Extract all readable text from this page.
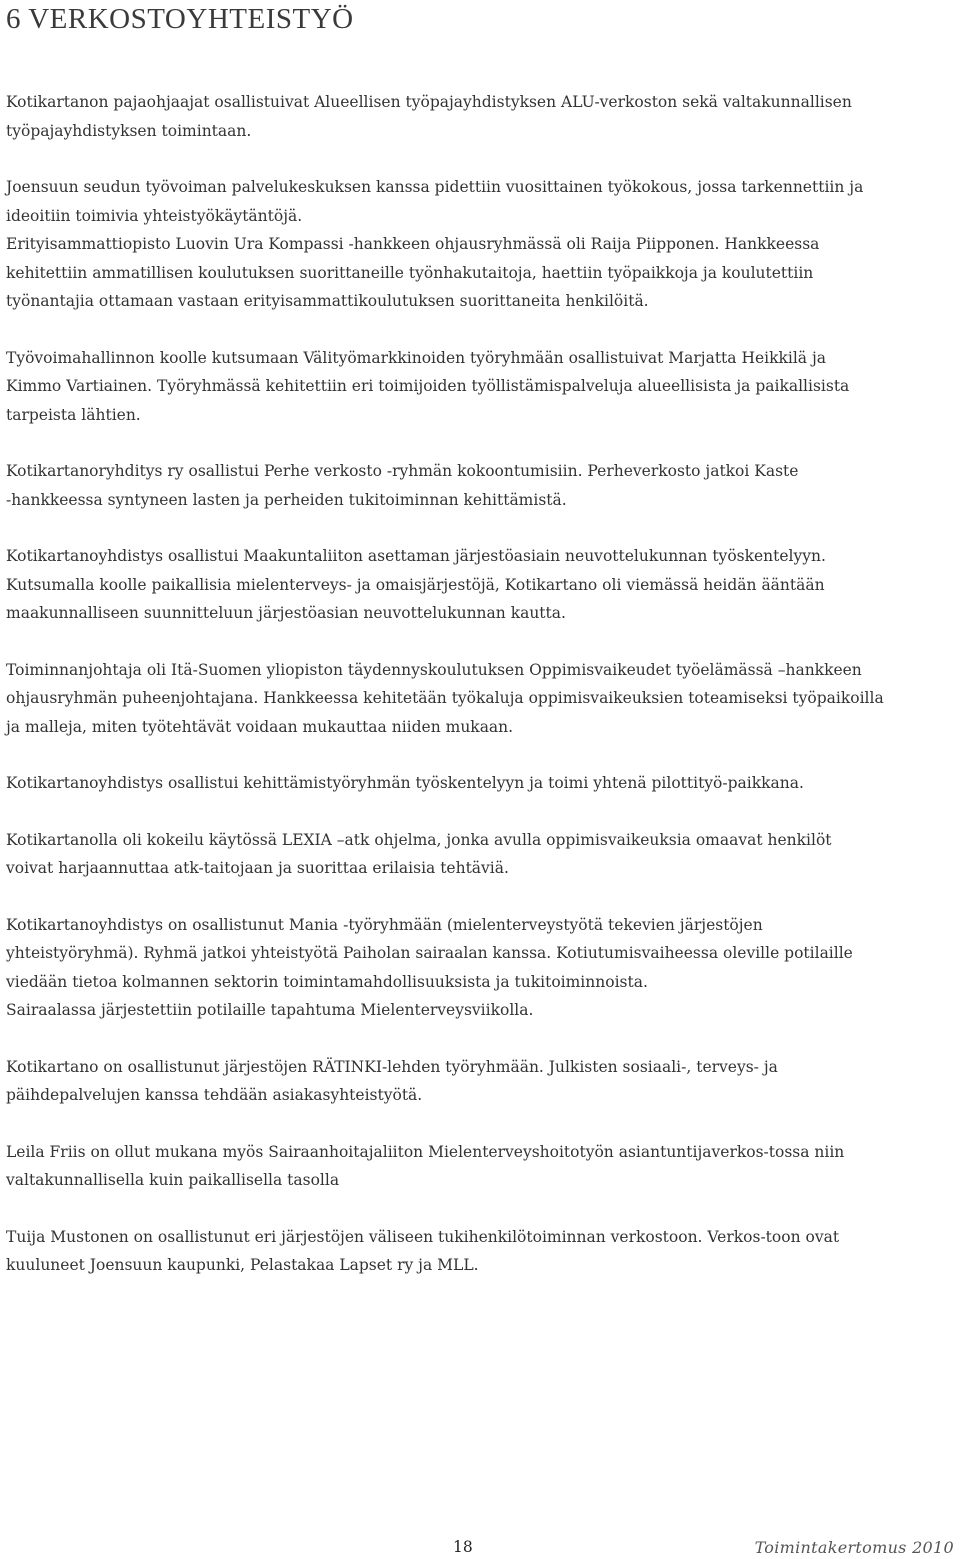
6 VERKOSTOYHTEISTYÖ

Kotikartanon pajaohjaajat osallistuivat Alueellisen työpajayhdistyksen ALU-verkoston sekä valtakunnallisen
työpajayhdistyksen toimintaan.

Joensuun seudun työvoiman palvelukeskuksen kanssa pidettiin vuosittainen työkokous, jossa tarkennettiin ja
ideoitiin toimivia yhteistyökäytäntöjä.

Erityisammattiopisto Luovin Ura Kompassi -hankkeen ohjausryhmässä oli Raija Piipponen. Hankkeessa
kehitettiin ammatillisen koulutuksen suorittaneille työnhakutaitoja, haettiin työpaikkoja ja koulutettiin
työnantajia ottamaan vastaan erityisammattikoulutuksen suorittaneita henkilöitä.

Työvoimahallinnon koolle kutsumaan Välityömarkkinoiden työryhmään osallistuivat Marjatta Heikkilä ja
Kimmo Vartiainen. Työryhmässä kehitettiin eri toimijoiden työllistämispalveluja alueellisista ja paikallisista
tarpeista lähtien.

Kotikartanoryhditys ry osallistui Perhe verkosto -ryhmän kokoontumisiin. Perheverkosto jatkoi Kaste
-hankkeessa syntyneen lasten ja perheiden tukitoiminnan kehittämistä.

Kotikartanoyhdistys osallistui Maakuntaliiton asettaman järjestöasiain neuvottelukunnan työskentelyyn.
Kutsumalla koolle paikallisia mielenterveys- ja omaisjärjestöjä, Kotikartano oli viemässä heidän ääntään
maakunnalliseen suunnitteluun järjestöasian neuvottelukunnan kautta.

Toiminnanjohtaja oli Itä-Suomen yliopiston täydennyskoulutuksen Oppimisvaikeudet työelämässä –hankkeen
ohjausryhmän puheenjohtajana. Hankkeessa kehitetään työkaluja oppimisvaikeuksien toteamiseksi työpaikoilla
ja malleja, miten työtehtävät voidaan mukauttaa niiden mukaan.

Kotikartanoyhdistys osallistui kehittämistyöryhmän työskentelyyn ja toimi yhtenä pilottityö-paikkana.

Kotikartanolla oli kokeilu käytössä LEXIA –atk ohjelma, jonka avulla oppimisvaikeuksia omaavat henkilöt
voivat harjaannuttaa atk-taitojaan ja suorittaa erilaisia tehtäviä.

Kotikartanoyhdistys on osallistunut Mania -työryhmään (mielenterveystyötä tekevien järjestöjen
yhteistyöryhmä). Ryhmä jatkoi yhteistyötä Paiholan sairaalan kanssa. Kotiutumisvaiheessa oleville potilaille
viedään tietoa kolmannen sektorin toimintamahdollisuuksista ja tukitoiminnoista.
Sairaalassa järjestettiin potilaille tapahtuma Mielenterveysviikolla.

Kotikartano on osallistunut järjestöjen RÄTINKI-lehden työryhmään. Julkisten sosiaali-, terveys- ja
päihdepalvelujen kanssa tehdään asiakasyhteistyötä.

Leila Friis on ollut mukana myös Sairaanhoitajaliiton Mielenterveyshoitotyön asiantuntijaverkos-tossa niin
valtakunnallisella kuin paikallisella tasolla

Tuija Mustonen on osallistunut eri järjestöjen väliseen tukihenkilötoiminnan verkostoon. Verkos-toon ovat
kuuluneet Joensuun kaupunki, Pelastakaa Lapset ry ja MLL.

18	Toimintakertomus 2010
